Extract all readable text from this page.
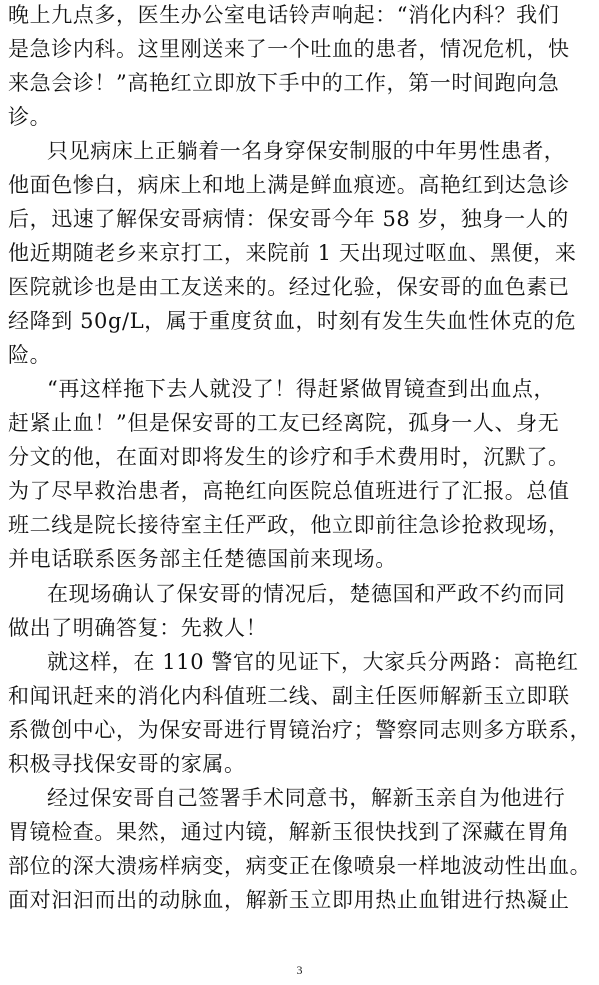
晚上九点多，医生办公室电话铃声响起：“消化内科？我们
是急诊内科。这里刚送来了一个吐血的患者，情况危机，快
来急会诊！”高艳红立即放下手中的工作，第一时间跑向急
诊。
只见病床上正躺着一名身穿保安制服的中年男性患者，
他面色惨白，病床上和地上满是鲜血痕迹。高艳红到达急诊
后，迅速了解保安哥病情：保安哥今年 58 岁，独身一人的
他近期随老乡来京打工，来院前 1 天出现过呕血、黑便，来
医院就诊也是由工友送来的。经过化验，保安哥的血色素已
经降到 50g/L，属于重度贫血，时刻有发生失血性休克的危
险。
“再这样拖下去人就没了！得赶紧做胃镜查到出血点，
赶紧止血！”但是保安哥的工友已经离院，孤身一人、身无
分文的他，在面对即将发生的诊疗和手术费用时，沉默了。
为了尽早救治患者，高艳红向医院总值班进行了汇报。总值
班二线是院长接待室主任严政，他立即前往急诊抢救现场，
并电话联系医务部主任楚德国前来现场。
在现场确认了保安哥的情况后，楚德国和严政不约而同
做出了明确答复：先救人！
就这样，在 110 警官的见证下，大家兵分两路：高艳红
和闻讯赶来的消化内科值班二线、副主任医师解新玉立即联
系微创中心，为保安哥进行胃镜治疗；警察同志则多方联系，
积极寻找保安哥的家属。
经过保安哥自己签署手术同意书，解新玉亲自为他进行
胃镜检查。果然，通过内镜，解新玉很快找到了深藏在胃角
部位的深大溃疡样病变，病变正在像喷泉一样地波动性出血。
面对汩汩而出的动脉血，解新玉立即用热止血钳进行热凝止
3
